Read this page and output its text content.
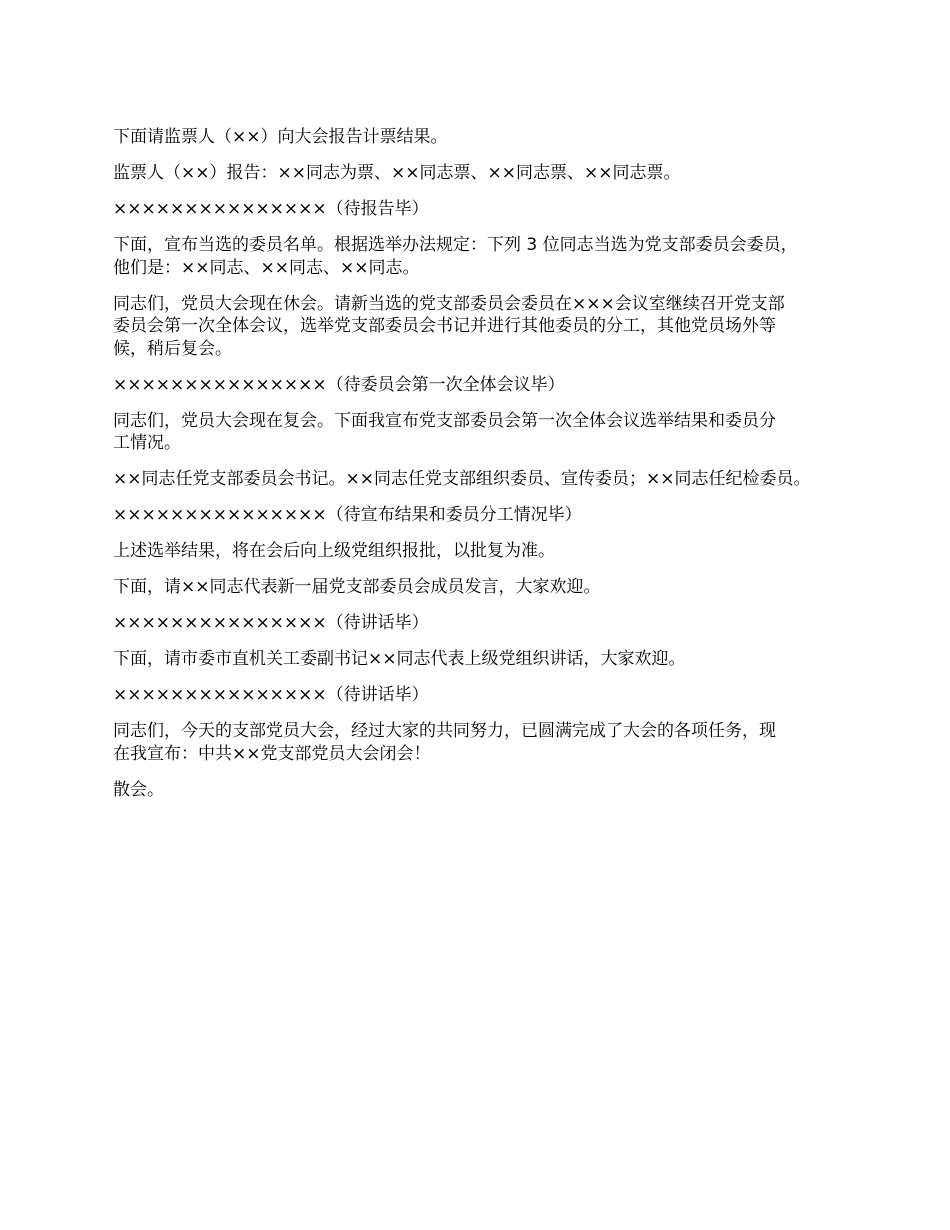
下面请监票人（××）向大会报告计票结果。

监票人（××）报告：××同志为票、××同志票、××同志票、××同志票。

×××××××××××××××（待报告毕）

下面，宣布当选的委员名单。根据选举办法规定：下列 3 位同志当选为党支部委员会委员，
他们是：××同志、××同志、××同志。

同志们，党员大会现在休会。请新当选的党支部委员会委员在×××会议室继续召开党支部
委员会第一次全体会议，选举党支部委员会书记并进行其他委员的分工，其他党员场外等
候，稍后复会。

×××××××××××××××（待委员会第一次全体会议毕）

同志们，党员大会现在复会。下面我宣布党支部委员会第一次全体会议选举结果和委员分
工情况。

××同志任党支部委员会书记。××同志任党支部组织委员、宣传委员；××同志任纪检委员。

×××××××××××××××（待宣布结果和委员分工情况毕）

上述选举结果，将在会后向上级党组织报批，以批复为准。

下面，请××同志代表新一届党支部委员会成员发言，大家欢迎。

×××××××××××××××（待讲话毕）

下面，请市委市直机关工委副书记××同志代表上级党组织讲话，大家欢迎。

×××××××××××××××（待讲话毕）

同志们，今天的支部党员大会，经过大家的共同努力，已圆满完成了大会的各项任务，现
在我宣布：中共××党支部党员大会闭会！

散会。
